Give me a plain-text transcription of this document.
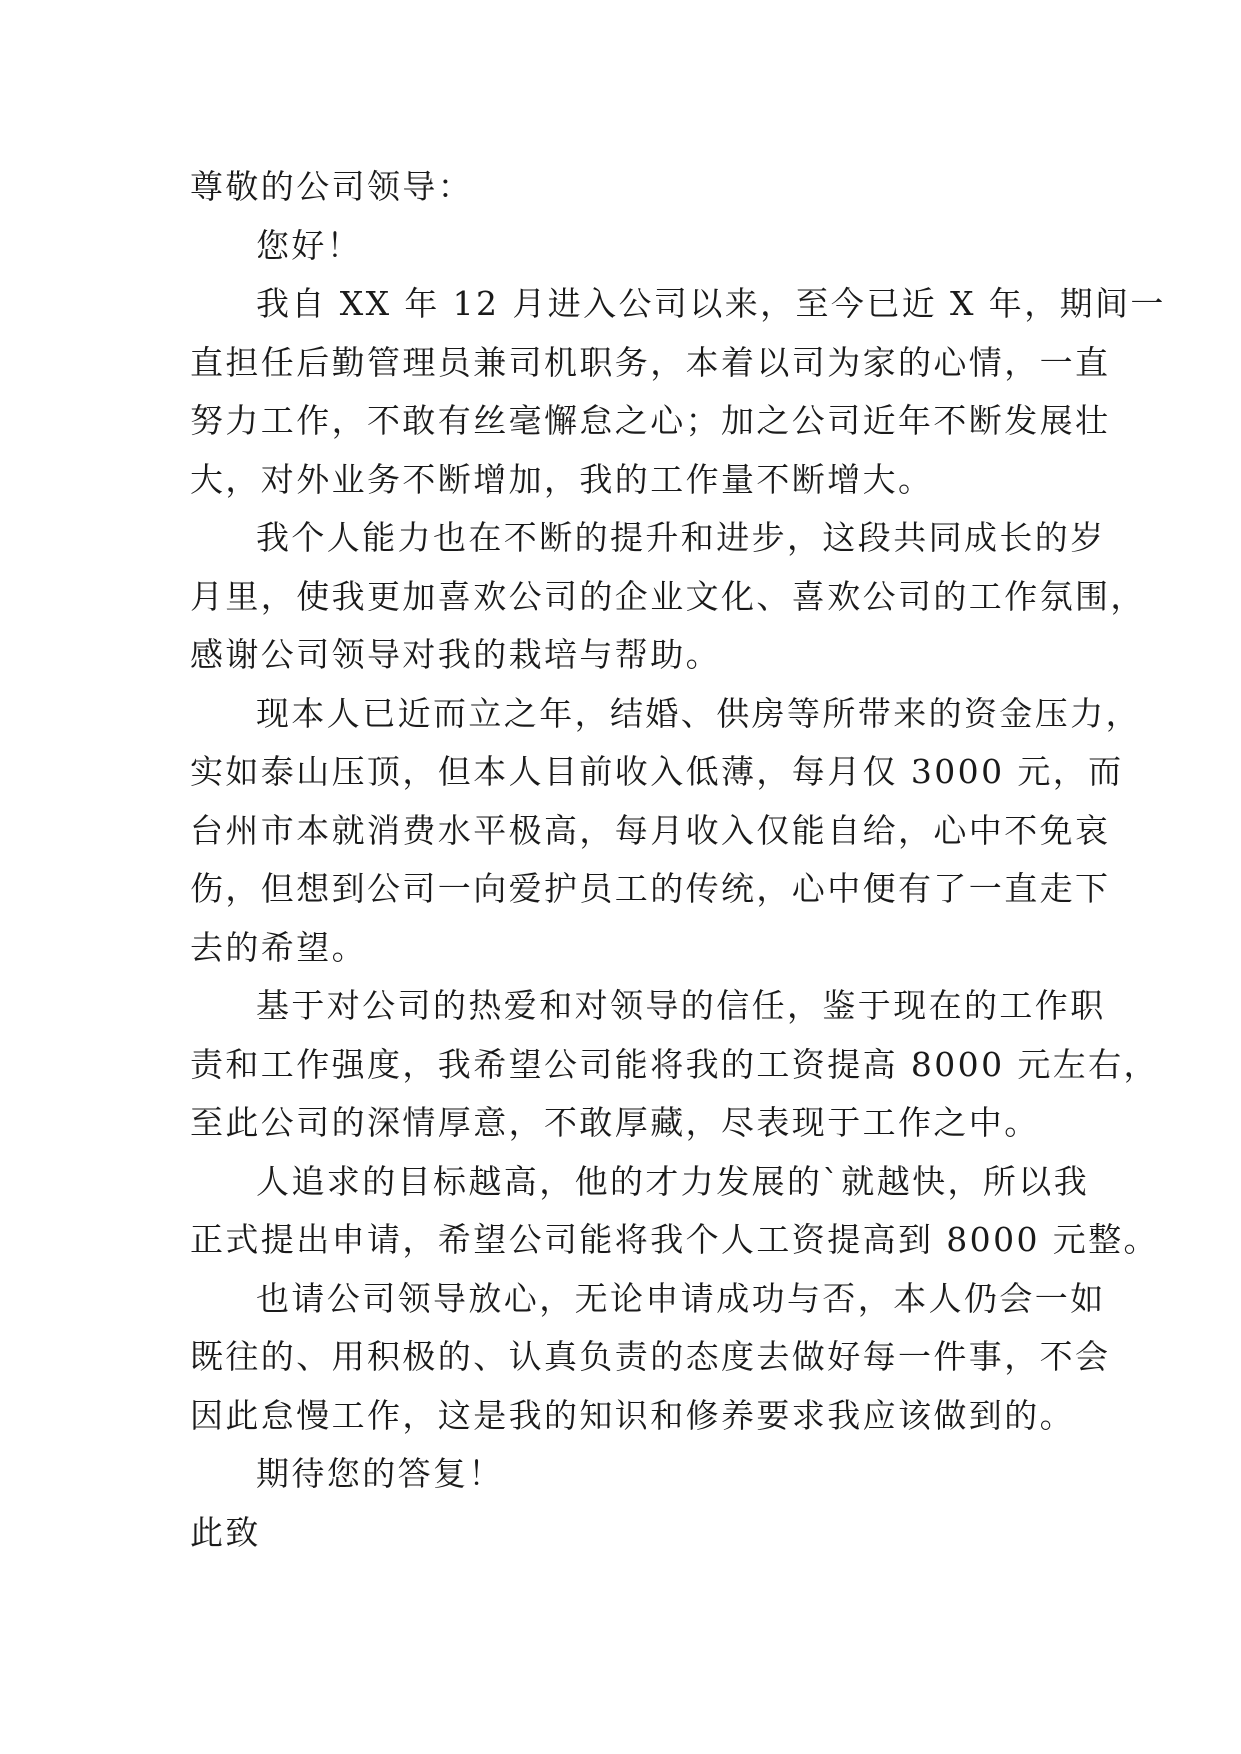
尊敬的公司领导：
您好！
我自 XX 年 12 月进入公司以来，至今已近 X 年，期间一
直担任后勤管理员兼司机职务，本着以司为家的心情，一直
努力工作，不敢有丝毫懈怠之心；加之公司近年不断发展壮
大，对外业务不断增加，我的工作量不断增大。
我个人能力也在不断的提升和进步，这段共同成长的岁
月里，使我更加喜欢公司的企业文化、喜欢公司的工作氛围，
感谢公司领导对我的栽培与帮助。
现本人已近而立之年，结婚、供房等所带来的资金压力，
实如泰山压顶，但本人目前收入低薄，每月仅 3000 元，而
台州市本就消费水平极高，每月收入仅能自给，心中不免哀
伤，但想到公司一向爱护员工的传统，心中便有了一直走下
去的希望。
基于对公司的热爱和对领导的信任，鉴于现在的工作职
责和工作强度，我希望公司能将我的工资提高 8000 元左右，
至此公司的深情厚意，不敢厚藏，尽表现于工作之中。
人追求的目标越高，他的才力发展的`就越快，所以我
正式提出申请，希望公司能将我个人工资提高到 8000 元整。
也请公司领导放心，无论申请成功与否，本人仍会一如
既往的、用积极的、认真负责的态度去做好每一件事，不会
因此怠慢工作，这是我的知识和修养要求我应该做到的。
期待您的答复！
此致
